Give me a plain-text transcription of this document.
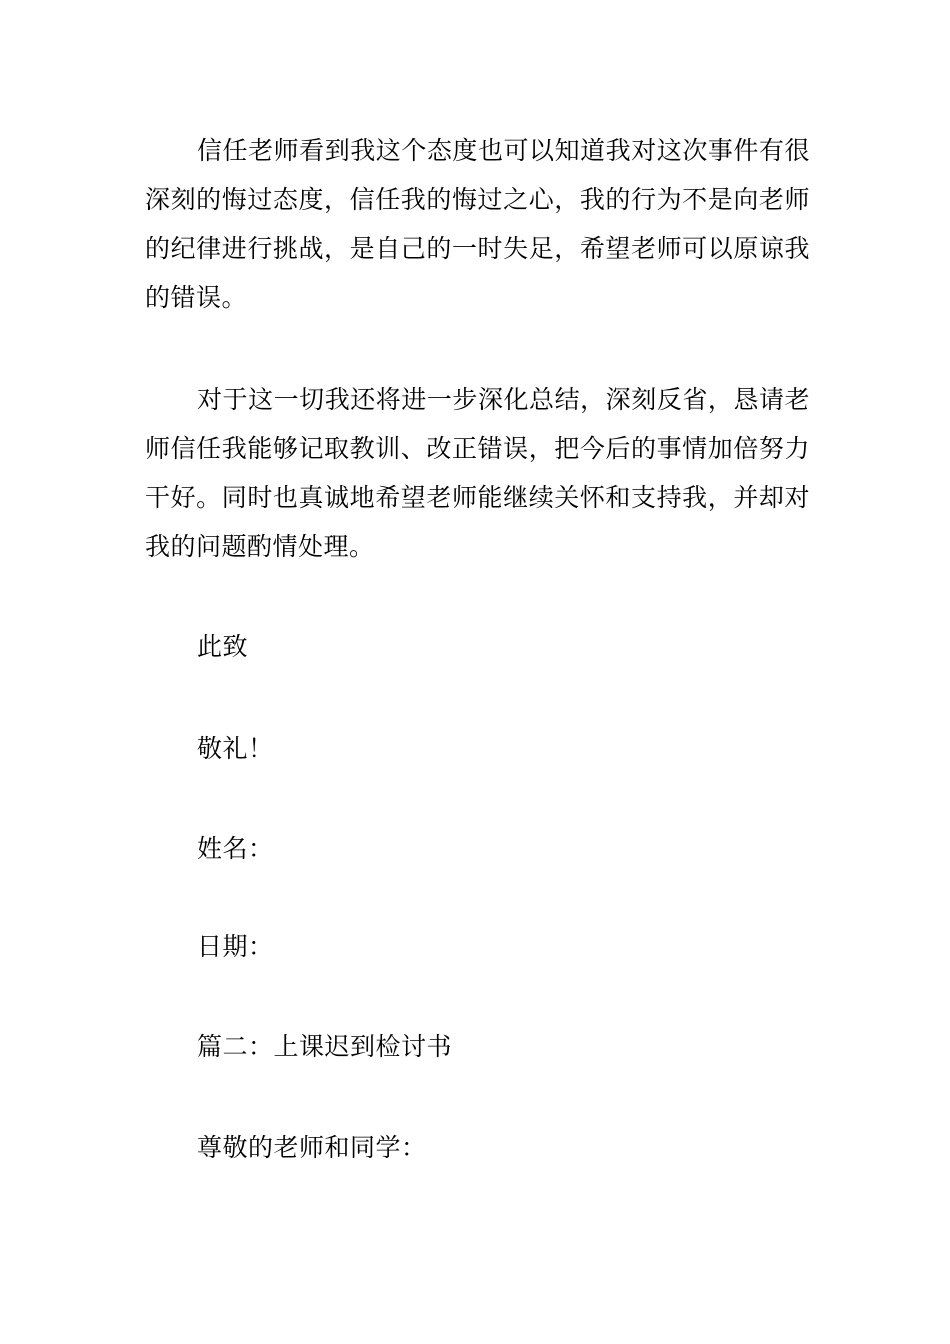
信任老师看到我这个态度也可以知道我对这次事件有很深刻的悔过态度，信任我的悔过之心，我的行为不是向老师的纪律进行挑战，是自己的一时失足，希望老师可以原谅我的错误。

对于这一切我还将进一步深化总结，深刻反省，恳请老师信任我能够记取教训、改正错误，把今后的事情加倍努力干好。同时也真诚地希望老师能继续关怀和支持我，并却对我的问题酌情处理。

此致

敬礼！

姓名：

日期：

篇二：上课迟到检讨书

尊敬的老师和同学：
